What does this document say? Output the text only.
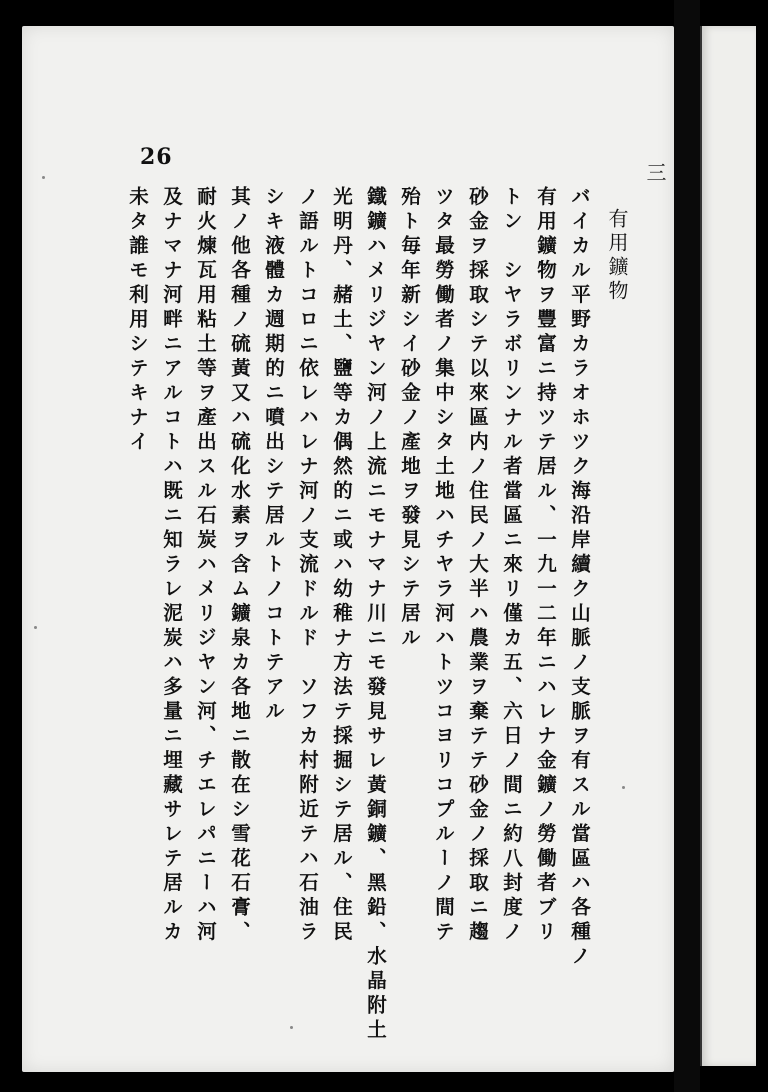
26
三
有用鑛物
バイカル平野カラオホツク海沿岸續ク山脈ノ支脈ヲ有スル當區ハ各種ノ
有用鑛物ヲ豐富ニ持ツテ居ル、一九一二年ニハレナ金鑛ノ勞働者ブリ
トン　シヤラボリンナル者當區ニ來リ僅カ五、六日ノ間ニ約八封度ノ
砂金ヲ採取シテ以來區内ノ住民ノ大半ハ農業ヲ棄テテ砂金ノ採取ニ趨
ツタ最勞働者ノ集中シタ土地ハチヤラ河ハトツコヨリコプルーノ間テ
殆ト毎年新シイ砂金ノ產地ヲ發見シテ居ル
鐵鑛ハメリジヤン河ノ上流ニモナマナ川ニモ發見サレ黃銅鑛、黑鉛、水晶附土
光明丹、赭土、鹽等カ偶然的ニ或ハ幼稚ナ方法テ採掘シテ居ル、住民
ノ語ルトコロニ依レハレナ河ノ支流ドルド　ソフカ村附近テハ石油ラ
シキ液體カ週期的ニ噴出シテ居ルトノコトテアル
其ノ他各種ノ硫黃又ハ硫化水素ヲ含ム鑛泉カ各地ニ散在シ雪花石膏、
耐火煉瓦用粘土等ヲ產出スル石炭ハメリジヤン河、チエレパニーハ河
及ナマナ河畔ニアルコトハ既ニ知ラレ泥炭ハ多量ニ埋藏サレテ居ルカ
未タ誰モ利用シテキナイ
